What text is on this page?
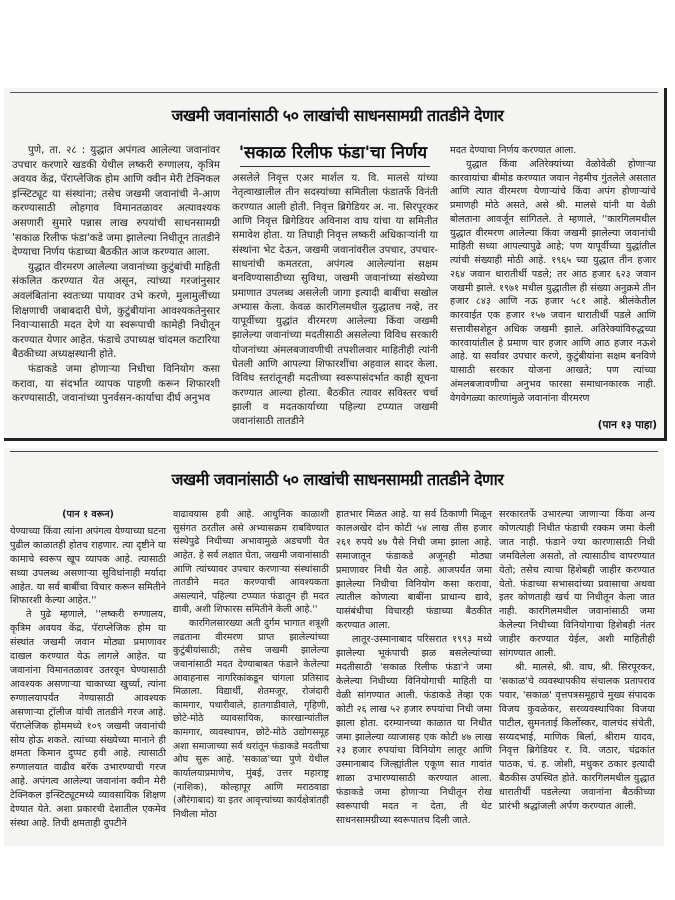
जखमी जवानांसाठी ५० लाखांची साधनसामग्री तातडीने देणार

पुणे, ता. २८ : युद्धात अपंगत्व आलेल्या जवानांवर उपचार करणारे खडकी येथील लष्करी रुग्णालय, कृत्रिम अवयव केंद्र, पॅराप्लेजिक होम आणि क्वीन मेरी टेक्निकल इन्स्टिट्यूट या संस्थांना; तसेच जखमी जवानांची ने-आण करण्यासाठी लोहगाव विमानतळावर अत्यावश्यक असणारी सुमारे पन्नास लाख रुपयांची साधनसामग्री 'सकाळ रिलीफ फंडा'कडे जमा झालेल्या निधीतून तातडीने देण्याचा निर्णय फंडाच्या बैठकीत आज करण्यात आला.

युद्धात वीरमरण आलेल्या जवानांच्या कुटुंबांची माहिती संकलित करण्यात येत असून, त्यांच्या गरजांनुसार अवलंबितांना स्वतःच्या पायावर उभे करणे, मुलामुलींच्या शिक्षणाची जबाबदारी घेणे, कुटुंबीयांना आवश्यकतेनुसार निवाऱ्यासाठी मदत देणे या स्वरूपाची कामेही निधीतून करण्यात येणार आहेत. फंडाचे उपाध्यक्ष चांदमल कटारिया बैठकीच्या अध्यक्षस्थानी होते.

फंडाकडे जमा होणाऱ्या निधीचा विनियोग कसा करावा, या संदर्भात व्यापक पाहणी करून शिफारशी करण्यासाठी, जवानांच्या पुनर्वसन-कार्याचा दीर्घ अनुभव

'सकाळ रिलीफ फंडा'चा निर्णय

असलेले निवृत्त एअर मार्शल य. वि. मालसे यांच्या नेतृत्वाखालील तीन सदस्यांच्या समितीला फंडातर्फे विनंती करण्यात आली होती. निवृत्त ब्रिगेडियर अ. ना. सिरपूरकर आणि निवृत्त ब्रिगेडियर अविनाश वाघ यांचा या समितीत समावेश होता. या तिघाही निवृत्त लष्करी अधिकाऱ्यांनी या संस्थांना भेट देऊन, जखमी जवानांवरील उपचार, उपचार-साधनांची कमतरता, अपंगत्व आलेल्यांना सक्षम बनविण्यासाठीच्या सुविधा, जखमी जवानांच्या संख्येच्या प्रमाणात उपलब्ध असलेली जागा इत्यादी बाबींचा सखोल अभ्यास केला. केवळ कारगिलमधील युद्धातच नव्हे, तर यापूर्वीच्या युद्धांत वीरमरण आलेल्या किंवा जखमी झालेल्या जवानांच्या मदतीसाठी असलेल्या विविध सरकारी योजनांच्या अंमलबजावणीची तपशीलवार माहितीही त्यांनी घेतली आणि आपल्या शिफारशींचा अहवाल सादर केला. विविध स्तरांतूनही मदतीच्या स्वरूपासंदर्भात काही सूचना करण्यात आल्या होत्या. बैठकीत त्यावर सविस्तर चर्चा झाली व मदतकार्याच्या पहिल्या टप्प्यात जखमी जवानांसाठी तातडीने

मदत देण्याचा निर्णय करण्यात आला.

युद्धात किंवा अतिरेक्यांच्या वेळोवेळी होणाऱ्या कारवायांचा बीमोड करण्यात जवान नेहमीच गुंतलेले असतात आणि त्यात वीरमरण येणाऱ्यांचे किंवा अपंग होणाऱ्यांचे प्रमाणही मोठे असते, असे श्री. मालसे यांनी या वेळी बोलताना आवर्जून सांगितले. ते म्हणाले, ''कारगिलमधील युद्धात वीरमरण आलेल्या किंवा जखमी झालेल्या जवानांची माहिती सध्या आपल्यापुढे आहे; पण यापूर्वीच्या युद्धांतील त्यांची संख्याही मोठी आहे. १९६५ च्या युद्धात तीन हजार २६४ जवान धारातीर्थी पडले; तर आठ हजार ६२३ जवान जखमी झाले. १९७१ मधील युद्धातील ही संख्या अनुक्रमे तीन हजार ८४३ आणि नऊ हजार ५८१ आहे. श्रीलंकेतील कारवाईत एक हजार १५७ जवान धारातीर्थी पडले आणि सत्तावीसशेहून अधिक जखमी झाले. अतिरेक्यांविरुद्धच्या कारवायांतील हे प्रमाण चार हजार आणि आठ हजार नऊशे आहे. या सर्वांवर उपचार करणे, कुटुंबीयांना सक्षम बनविणे यासाठी सरकार योजना आखते; पण त्यांच्या अंमलबजावणीचा अनुभव फारसा समाधानकारक नाही. वेगवेगळ्या कारणांमुळे जवानांना वीरमरण

(पान १३ पाहा)
जखमी जवानांसाठी ५० लाखांची साधनसामग्री तातडीने देणार

(पान १ वरून)

येण्याच्या किंवा त्यांना अपंगत्व येण्याच्या घटना पुढील काळातही होतच राहणार. त्या दृष्टीने या कामाचे स्वरूप खूप व्यापक आहे. त्यासाठी सध्या उपलब्ध असणाऱ्या सुविधांनाही मर्यादा आहेत. या सर्व बाबींचा विचार करून समितीने शिफारशी केल्या आहेत.''

ते पुढे म्हणाले, ''लष्करी रुग्णालय, कृत्रिम अवयव केंद्र, पॅराप्लेजिक होम या संस्थांत जखमी जवान मोठ्या प्रमाणावर दाखल करण्यात येऊ लागले आहेत. या जवानांना विमानतळावर उतरवून घेण्यासाठी आवश्यक असणाऱ्या चाकाच्या खुर्च्या, त्यांना रुग्णालयापर्यंत नेण्यासाठी आवश्यक असणाऱ्या ट्रॉलीज यांची तातडीने गरज आहे. पॅराप्लेजिक होममध्ये १०९ जखमी जवानांची सोय होऊ शकते. त्यांच्या संख्येच्या मानाने ही क्षमता किमान दुप्पट हवी आहे. त्यासाठी रुग्णालयात वाढीव बरॅक उभारण्याची गरज आहे. अपंगत्व आलेल्या जवानांना क्वीन मेरी टेक्निकल इन्स्टिट्यूटमध्ये व्यावसायिक शिक्षण देण्यात येते. अशा प्रकारची देशातील एकमेव संस्था आहे. तिची क्षमताही दुपटीने

वाढावयास हवी आहे. आधुनिक काळाशी सुसंगत ठरतील असे अभ्यासक्रम राबविण्यात संस्थेपुढे निधीच्या अभावामुळे अडचणी येत आहेत. हे सर्व लक्षात घेता, जखमी जवानांसाठी आणि त्यांच्यावर उपचार करणाऱ्या संस्थांसाठी तातडीने मदत करण्याची आवश्यकता असल्याने, पहिल्या टप्प्यात फंडातून ही मदत द्यावी, अशी शिफारस समितीने केली आहे.''

कारगिलसारख्या अती दुर्गम भागात शत्रूशी लढताना वीरमरण प्राप्त झालेल्यांच्या कुटुंबीयांसाठी; तसेच जखमी झालेल्या जवानांसाठी मदत देण्याबाबत फंडाने केलेल्या आवाहनास नागरिकांकडून चांगला प्रतिसाद मिळाला. विद्यार्थी, शेतमजूर, रोजंदारी कामगार, पथारीवाले, हातगाडीवाले, गृहिणी, छोटे-मोठे व्यावसायिक, कारखान्यांतील कामगार, व्यवस्थापन, छोटे-मोठे उद्योगसमूह अशा समाजाच्या सर्व थरांतून फंडाकडे मदतीचा ओघ सुरू आहे. 'सकाळ'च्या पुणे येथील कार्यालयाप्रमाणेच, मुंबई, उत्तर महाराष्ट्र (नाशिक), कोल्हापूर आणि मराठवाडा (औरंगाबाद) या इतर आवृत्त्यांच्या कार्यक्षेत्रांतही निधीला मोठा

हातभार मिळत आहे. या सर्व ठिकाणी मिळून कालअखेर दोन कोटी ५४ लाख तीस हजार २६१ रुपये ४७ पैसे निधी जमा झाला आहे. समाजातून फंडाकडे अजूनही मोठ्या प्रमाणावर निधी येत आहे. आजपर्यंत जमा झालेल्या निधीचा विनियोग कसा करावा, त्यातील कोणत्या बाबींना प्राधान्य द्यावे, यासंबंधीचा विचारही फंडाच्या बैठकीत करण्यात आला.

लातूर-उस्मानाबाद परिसरात १९९३ मध्ये झालेल्या भूकंपाची झळ बसलेल्यांच्या मदतीसाठी 'सकाळ रिलीफ फंडा'ने जमा केलेल्या निधीच्या विनियोगाची माहिती या वेळी सांगण्यात आली. फंडाकडे तेव्हा एक कोटी २६ लाख ५२ हजार रुपयांचा निधी जमा झाला होता. दरम्यानच्या काळात या निधीत जमा झालेल्या व्याजासह एक कोटी ४७ लाख २३ हजार रुपयांचा विनियोग लातूर आणि उस्मानाबाद जिल्ह्यांतील एकूण सात गावांत शाळा उभारण्यासाठी करण्यात आला. फंडाकडे जमा होणाऱ्या निधीतून रोख स्वरूपाची मदत न देता, ती थेट साधनसामग्रीच्या स्वरूपातच दिली जाते.

सरकारतर्फे उभारल्या जाणाऱ्या किंवा अन्य कोणत्याही निधीत फंडाची रक्कम जमा केली जात नाही. फंडाने ज्या कारणासाठी निधी जमविलेला असतो, तो त्यासाठीच वापरण्यात येतो; तसेच त्याचा हिशेबही जाहीर करण्यात येतो. फंडाच्या सभासदांच्या प्रवासाचा अथवा इतर कोणताही खर्च या निधीतून केला जात नाही. कारगिलमधील जवानांसाठी जमा केलेल्या निधीच्या विनियोगाचा हिशेबही नंतर जाहीर करण्यात येईल, अशी माहितीही सांगण्यात आली.

श्री. मालसे, श्री. वाघ, श्री. सिरपूरकर, 'सकाळ'चे व्यवस्थापकीय संचालक प्रतापराव पवार, 'सकाळ' वृत्तपत्रसमूहाचे मुख्य संपादक विजय कुवळेकर, सरव्यवस्थापिका विजया पाटील, सुमनताई किर्लोस्कर, वालचंद संचेती, सय्यदभाई, माणिक बिर्ला, श्रीराम यादव, निवृत्त ब्रिगेडियर र. वि. जठार, चंद्रकांत पाठक, चं. ह. जोशी, मधुकर ठकार इत्यादी बैठकीस उपस्थित होते. कारगिलमधील युद्धात धारातीर्थी पडलेल्या जवानांना बैठकीच्या प्रारंभी श्रद्धांजली अर्पण करण्यात आली.
